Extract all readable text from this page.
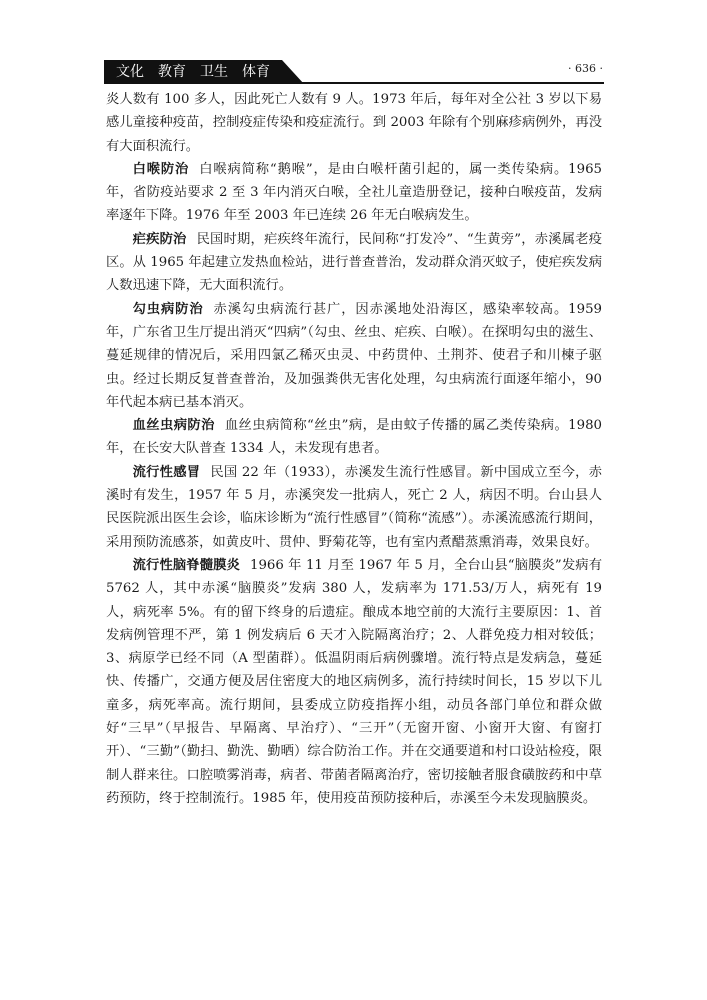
文化　教育　卫生　体育	· 636 ·

炎人数有 100 多人，因此死亡人数有 9 人。1973 年后，每年对全公社 3 岁以下易感儿童接种疫苗，控制疫症传染和疫症流行。到 2003 年除有个别麻疹病例外，再没有大面积流行。

白喉防治 白喉病简称“鹅喉”，是由白喉杆菌引起的，属一类传染病。1965 年，省防疫站要求 2 至 3 年内消灭白喉，全社儿童造册登记，接种白喉疫苗，发病率逐年下降。1976 年至 2003 年已连续 26 年无白喉病发生。

疟疾防治 民国时期，疟疾终年流行，民间称“打发冷”、“生黄旁”，赤溪属老疫区。从 1965 年起建立发热血检站，进行普查普治，发动群众消灭蚊子，使疟疾发病人数迅速下降，无大面积流行。

勾虫病防治 赤溪勾虫病流行甚广，因赤溪地处沿海区，感染率较高。1959 年，广东省卫生厅提出消灭“四病”（勾虫、丝虫、疟疾、白喉）。在探明勾虫的滋生、蔓延规律的情况后，采用四氯乙稀灭虫灵、中药贯仲、土荆芥、使君子和川楝子驱虫。经过长期反复普查普治，及加强粪供无害化处理，勾虫病流行面逐年缩小，90 年代起本病已基本消灭。

血丝虫病防治 血丝虫病简称“丝虫”病，是由蚊子传播的属乙类传染病。1980 年，在长安大队普查 1334 人，未发现有患者。

流行性感冒 民国 22 年（1933），赤溪发生流行性感冒。新中国成立至今，赤溪时有发生，1957 年 5 月，赤溪突发一批病人，死亡 2 人，病因不明。台山县人民医院派出医生会诊，临床诊断为“流行性感冒”（简称“流感”）。赤溪流感流行期间，采用预防流感茶，如黄皮叶、贯仲、野菊花等，也有室内煮醋蒸熏消毒，效果良好。

流行性脑脊髓膜炎 1966 年 11 月至 1967 年 5 月，全台山县“脑膜炎”发病有 5762 人，其中赤溪“脑膜炎”发病 380 人，发病率为 171.53/万人，病死有 19 人，病死率 5%。有的留下终身的后遗症。酿成本地空前的大流行主要原因：1、首发病例管理不严，第 1 例发病后 6 天才入院隔离治疗；2、人群免疫力相对较低；3、病原学已经不同（A 型菌群）。低温阴雨后病例骤增。流行特点是发病急，蔓延快、传播广，交通方便及居住密度大的地区病例多，流行持续时间长，15 岁以下儿童多，病死率高。流行期间，县委成立防疫指挥小组，动员各部门单位和群众做好“三早”（早报告、早隔离、早治疗）、“三开”（无窗开窗、小窗开大窗、有窗打开）、“三勤”（勤扫、勤洗、勤晒）综合防治工作。并在交通要道和村口设站检疫，限制人群来往。口腔喷雾消毒，病者、带菌者隔离治疗，密切接触者服食磺胺药和中草药预防，终于控制流行。1985 年，使用疫苗预防接种后，赤溪至今未发现脑膜炎。
